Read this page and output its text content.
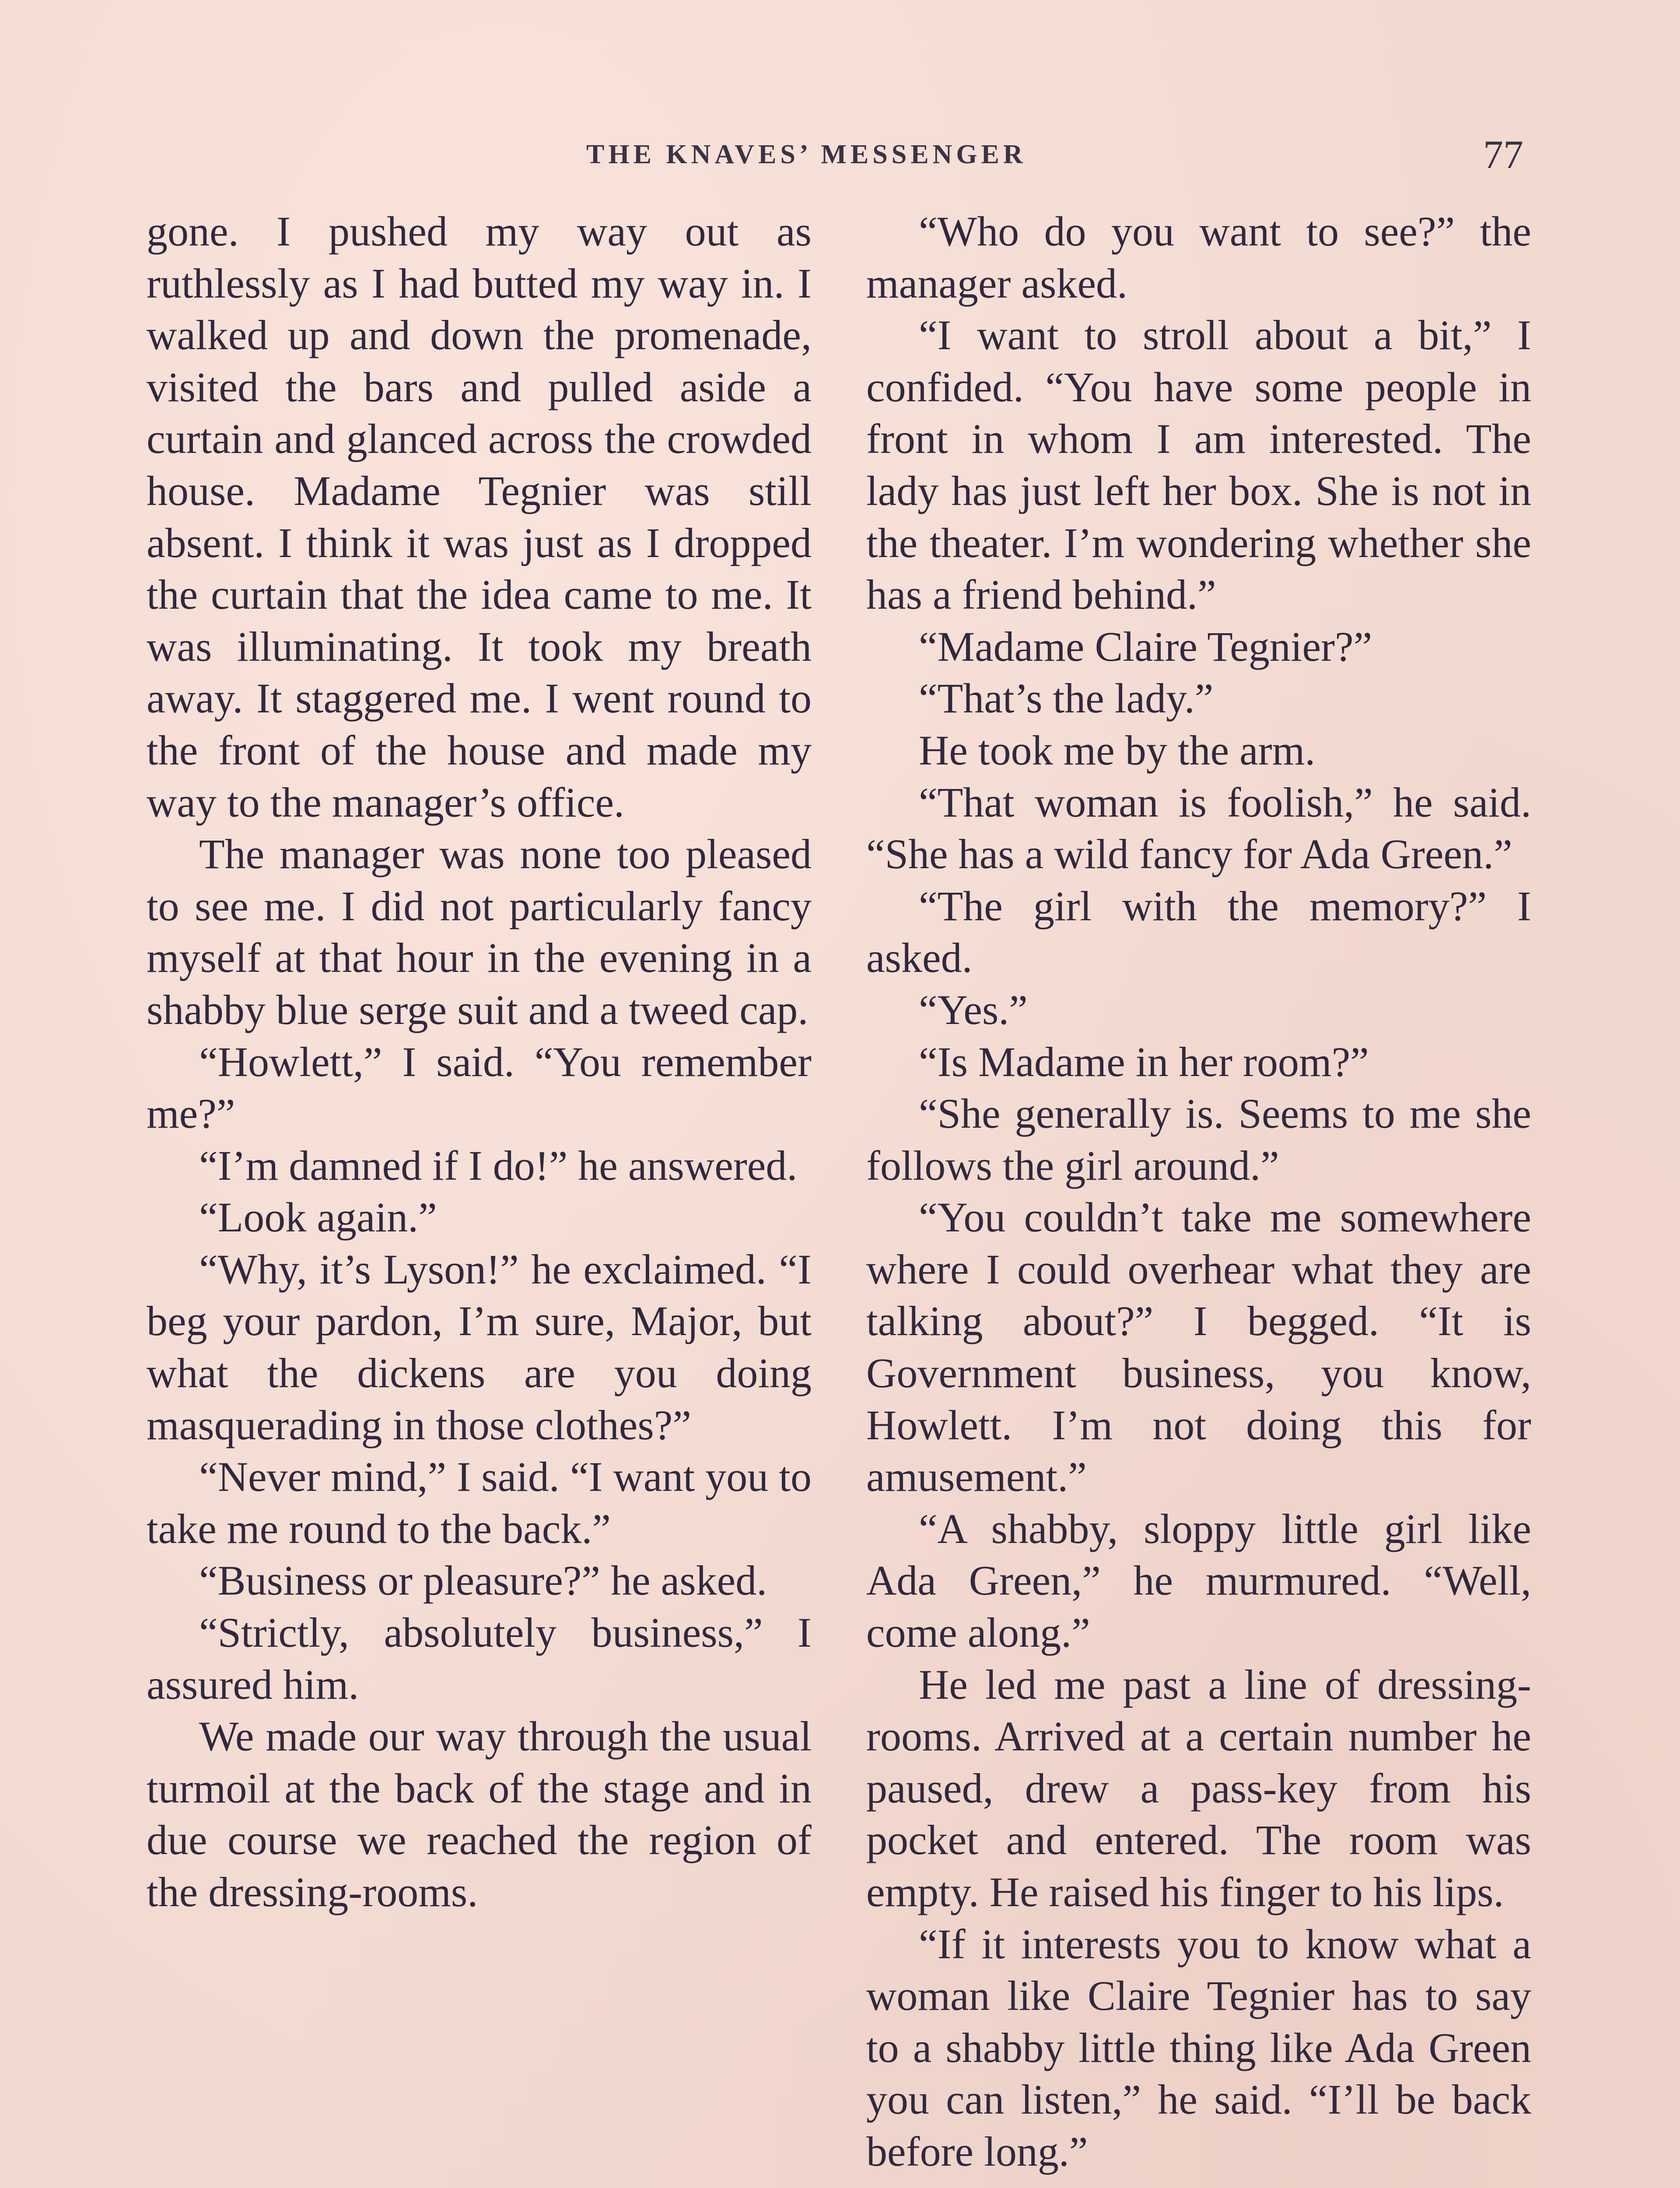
THE KNAVES’ MESSENGER	77

gone. I pushed my way out as ruthlessly as I had butted my way in. I walked up and down the promenade, visited the bars and pulled aside a curtain and glanced across the crowded house. Madame Tegnier was still absent. I think it was just as I dropped the curtain that the idea came to me. It was illuminating. It took my breath away. It staggered me. I went round to the front of the house and made my way to the manager’s office.

The manager was none too pleased to see me. I did not particularly fancy myself at that hour in the evening in a shabby blue serge suit and a tweed cap.

“Howlett,” I said. “You remember me?”

“I’m damned if I do!” he answered.

“Look again.”

“Why, it’s Lyson!” he exclaimed. “I beg your pardon, I’m sure, Major, but what the dickens are you doing masquerading in those clothes?”

“Never mind,” I said. “I want you to take me round to the back.”

“Business or pleasure?” he asked.

“Strictly, absolutely business,” I assured him.

We made our way through the usual turmoil at the back of the stage and in due course we reached the region of the dressing-rooms.

“Who do you want to see?” the manager asked.

“I want to stroll about a bit,” I confided. “You have some people in front in whom I am interested. The lady has just left her box. She is not in the theater. I’m wondering whether she has a friend behind.”

“Madame Claire Tegnier?”

“That’s the lady.”

He took me by the arm.

“That woman is foolish,” he said. “She has a wild fancy for Ada Green.”

“The girl with the memory?” I asked.

“Yes.”

“Is Madame in her room?”

“She generally is. Seems to me she follows the girl around.”

“You couldn’t take me somewhere where I could overhear what they are talking about?” I begged. “It is Government business, you know, Howlett. I’m not doing this for amusement.”

“A shabby, sloppy little girl like Ada Green,” he murmured. “Well, come along.”

He led me past a line of dressing-rooms. Arrived at a certain number he paused, drew a pass-key from his pocket and entered. The room was empty. He raised his finger to his lips.

“If it interests you to know what a woman like Claire Tegnier has to say to a shabby little thing like Ada Green you can listen,” he said. “I’ll be back before long.”
